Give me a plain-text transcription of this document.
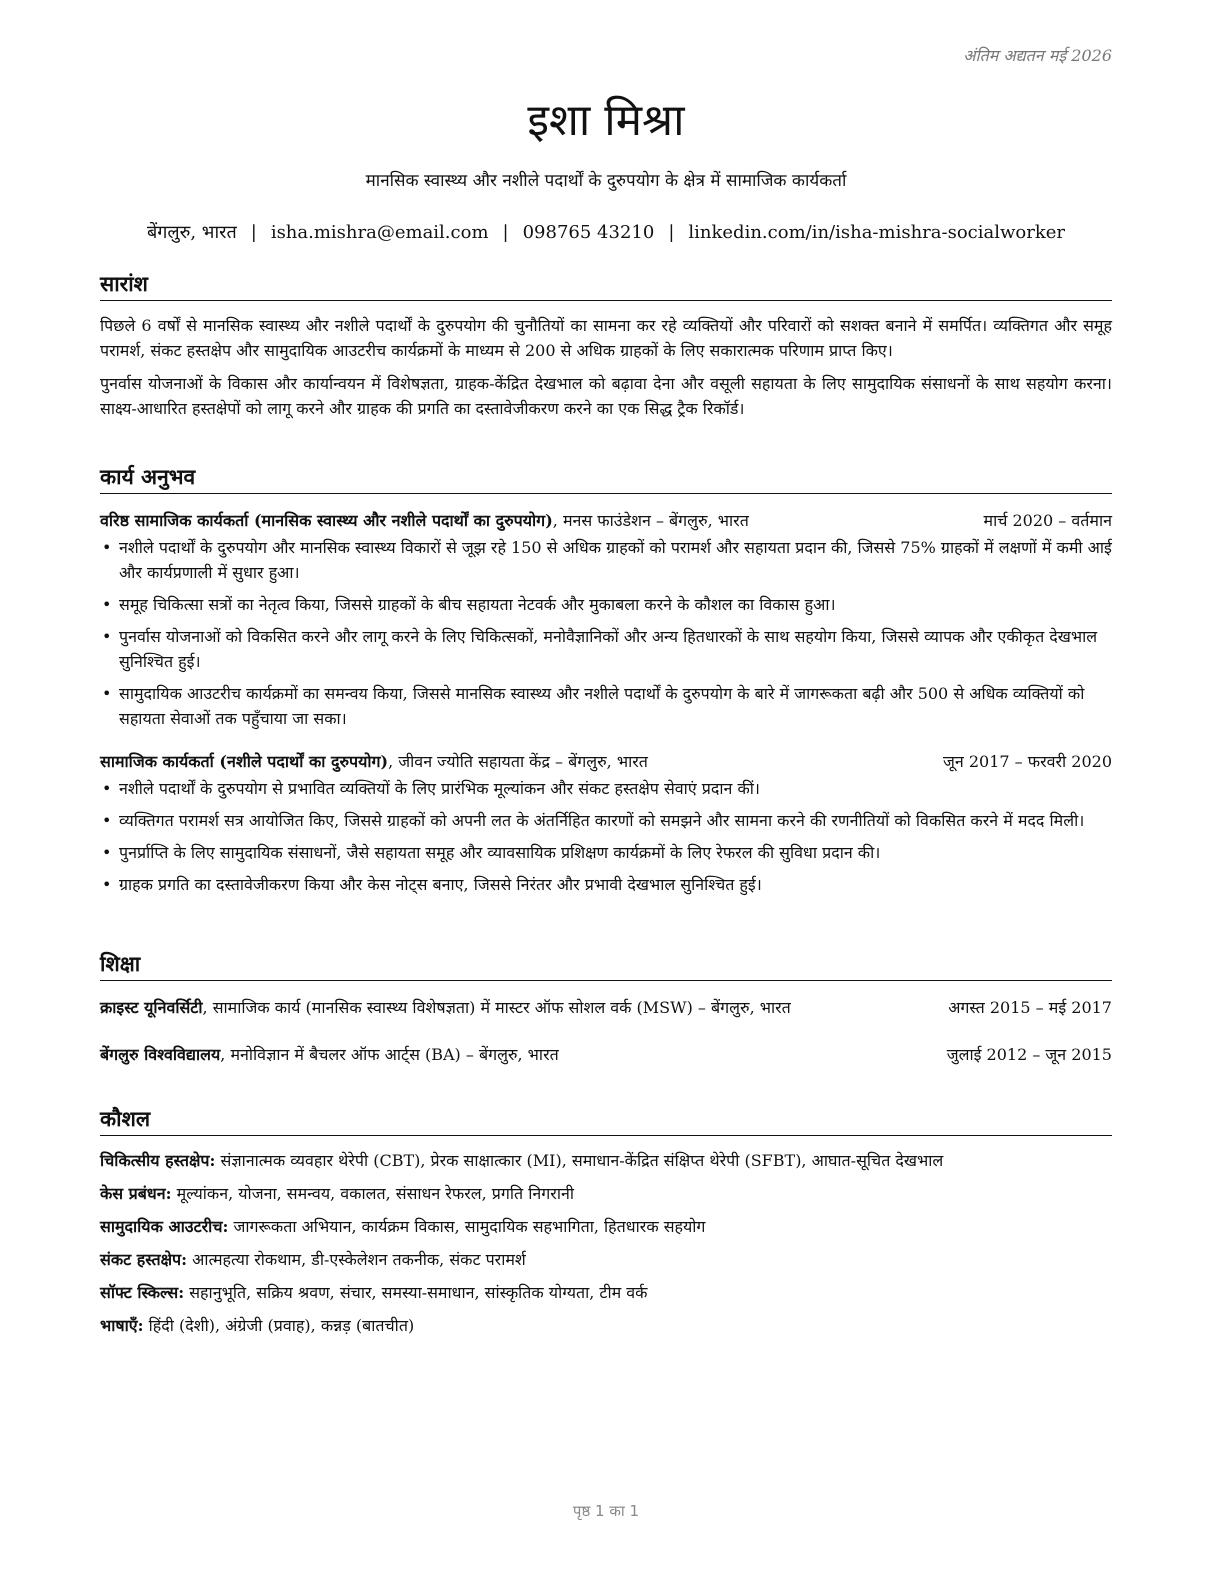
अंतिम अद्यतन मई 2026
इशा मिश्रा

मानसिक स्वास्थ्य और नशीले पदार्थों के दुरुपयोग के क्षेत्र में सामाजिक कार्यकर्ता

बेंगलुरु, भारत | isha.mishra@email.com | 098765 43210 | linkedin.com/in/isha-mishra-socialworker
सारांश

पिछले 6 वर्षों से मानसिक स्वास्थ्य और नशीले पदार्थों के दुरुपयोग की चुनौतियों का सामना कर रहे व्यक्तियों और परिवारों को सशक्त बनाने में समर्पित। व्यक्तिगत और समूह परामर्श, संकट हस्तक्षेप और सामुदायिक आउटरीच कार्यक्रमों के माध्यम से 200 से अधिक ग्राहकों के लिए सकारात्मक परिणाम प्राप्त किए।

पुनर्वास योजनाओं के विकास और कार्यान्वयन में विशेषज्ञता, ग्राहक-केंद्रित देखभाल को बढ़ावा देना और वसूली सहायता के लिए सामुदायिक संसाधनों के साथ सहयोग करना। साक्ष्य-आधारित हस्तक्षेपों को लागू करने और ग्राहक की प्रगति का दस्तावेजीकरण करने का एक सिद्ध ट्रैक रिकॉर्ड।

कार्य अनुभव
वरिष्ठ सामाजिक कार्यकर्ता (मानसिक स्वास्थ्य और नशीले पदार्थों का दुरुपयोग), मनस फाउंडेशन – बेंगलुरु, भारत	मार्च 2020 – वर्तमान
• नशीले पदार्थों के दुरुपयोग और मानसिक स्वास्थ्य विकारों से जूझ रहे 150 से अधिक ग्राहकों को परामर्श और सहायता प्रदान की, जिससे 75% ग्राहकों में लक्षणों में कमी आई और कार्यप्रणाली में सुधार हुआ।
• समूह चिकित्सा सत्रों का नेतृत्व किया, जिससे ग्राहकों के बीच सहायता नेटवर्क और मुकाबला करने के कौशल का विकास हुआ।
• पुनर्वास योजनाओं को विकसित करने और लागू करने के लिए चिकित्सकों, मनोवैज्ञानिकों और अन्य हितधारकों के साथ सहयोग किया, जिससे व्यापक और एकीकृत देखभाल सुनिश्चित हुई।
• सामुदायिक आउटरीच कार्यक्रमों का समन्वय किया, जिससे मानसिक स्वास्थ्य और नशीले पदार्थों के दुरुपयोग के बारे में जागरूकता बढ़ी और 500 से अधिक व्यक्तियों को सहायता सेवाओं तक पहुँचाया जा सका।
सामाजिक कार्यकर्ता (नशीले पदार्थों का दुरुपयोग), जीवन ज्योति सहायता केंद्र – बेंगलुरु, भारत	जून 2017 – फरवरी 2020
• नशीले पदार्थों के दुरुपयोग से प्रभावित व्यक्तियों के लिए प्रारंभिक मूल्यांकन और संकट हस्तक्षेप सेवाएं प्रदान कीं।
• व्यक्तिगत परामर्श सत्र आयोजित किए, जिससे ग्राहकों को अपनी लत के अंतर्निहित कारणों को समझने और सामना करने की रणनीतियों को विकसित करने में मदद मिली।
• पुनर्प्राप्ति के लिए सामुदायिक संसाधनों, जैसे सहायता समूह और व्यावसायिक प्रशिक्षण कार्यक्रमों के लिए रेफरल की सुविधा प्रदान की।
• ग्राहक प्रगति का दस्तावेजीकरण किया और केस नोट्स बनाए, जिससे निरंतर और प्रभावी देखभाल सुनिश्चित हुई।
शिक्षा
क्राइस्ट यूनिवर्सिटी, सामाजिक कार्य (मानसिक स्वास्थ्य विशेषज्ञता) में मास्टर ऑफ सोशल वर्क (MSW) – बेंगलुरु, भारत	अगस्त 2015 – मई 2017
बेंगलुरु विश्वविद्यालय, मनोविज्ञान में बैचलर ऑफ आर्ट्स (BA) – बेंगलुरु, भारत	जुलाई 2012 – जून 2015
कौशल
चिकित्सीय हस्तक्षेप: संज्ञानात्मक व्यवहार थेरेपी (CBT), प्रेरक साक्षात्कार (MI), समाधान-केंद्रित संक्षिप्त थेरेपी (SFBT), आघात-सूचित देखभाल
केस प्रबंधन: मूल्यांकन, योजना, समन्वय, वकालत, संसाधन रेफरल, प्रगति निगरानी
सामुदायिक आउटरीच: जागरूकता अभियान, कार्यक्रम विकास, सामुदायिक सहभागिता, हितधारक सहयोग
संकट हस्तक्षेप: आत्महत्या रोकथाम, डी-एस्केलेशन तकनीक, संकट परामर्श
सॉफ्ट स्किल्स: सहानुभूति, सक्रिय श्रवण, संचार, समस्या-समाधान, सांस्कृतिक योग्यता, टीम वर्क
भाषाएँ: हिंदी (देशी), अंग्रेजी (प्रवाह), कन्नड़ (बातचीत)
पृष्ठ 1 का 1
